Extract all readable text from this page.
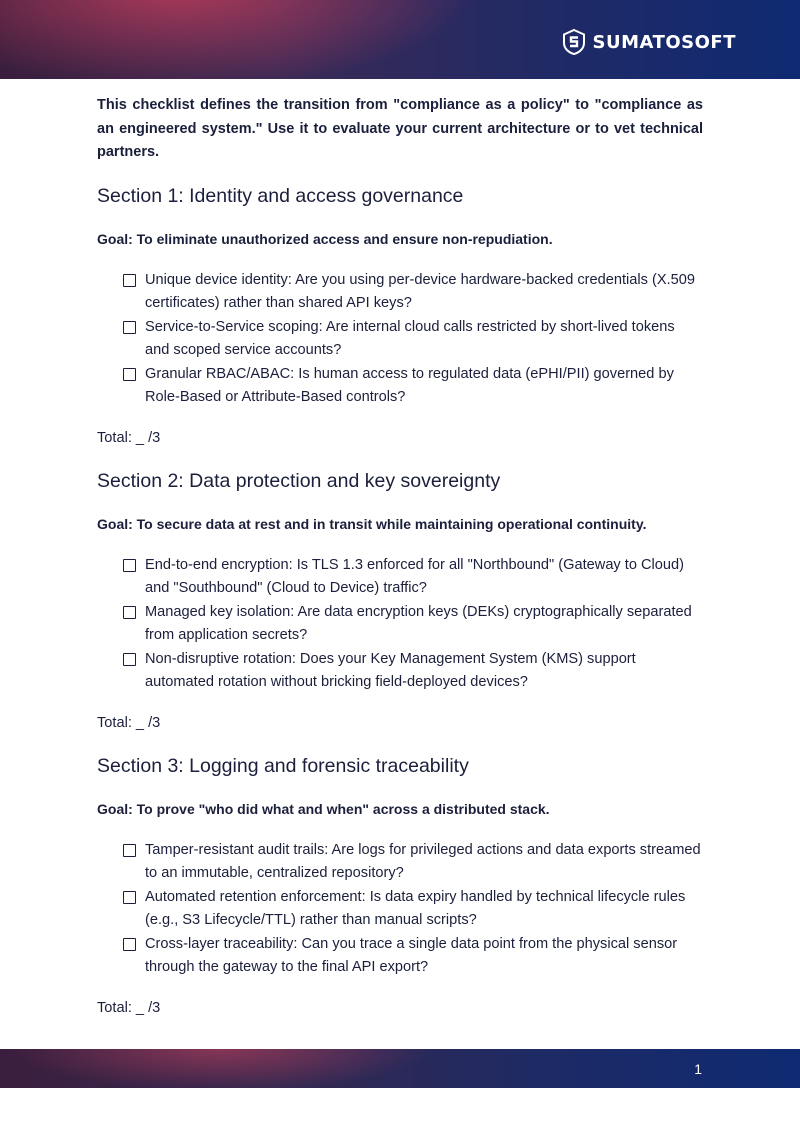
SUMATOSOFT

This checklist defines the transition from "compliance as a policy" to "compliance as an engineered system." Use it to evaluate your current architecture or to vet technical partners.

Section 1: Identity and access governance

Goal: To eliminate unauthorized access and ensure non-repudiation.

Unique device identity: Are you using per-device hardware-backed credentials (X.509 certificates) rather than shared API keys?
Service-to-Service scoping: Are internal cloud calls restricted by short-lived tokens and scoped service accounts?
Granular RBAC/ABAC: Is human access to regulated data (ePHI/PII) governed by Role-Based or Attribute-Based controls?

Total: _ /3

Section 2: Data protection and key sovereignty

Goal: To secure data at rest and in transit while maintaining operational continuity.

End-to-end encryption: Is TLS 1.3 enforced for all "Northbound" (Gateway to Cloud) and "Southbound" (Cloud to Device) traffic?
Managed key isolation: Are data encryption keys (DEKs) cryptographically separated from application secrets?
Non-disruptive rotation: Does your Key Management System (KMS) support automated rotation without bricking field-deployed devices?

Total: _ /3

Section 3: Logging and forensic traceability

Goal: To prove "who did what and when" across a distributed stack.

Tamper-resistant audit trails: Are logs for privileged actions and data exports streamed to an immutable, centralized repository?
Automated retention enforcement: Is data expiry handled by technical lifecycle rules (e.g., S3 Lifecycle/TTL) rather than manual scripts?
Cross-layer traceability: Can you trace a single data point from the physical sensor through the gateway to the final API export?

Total: _ /3

1
